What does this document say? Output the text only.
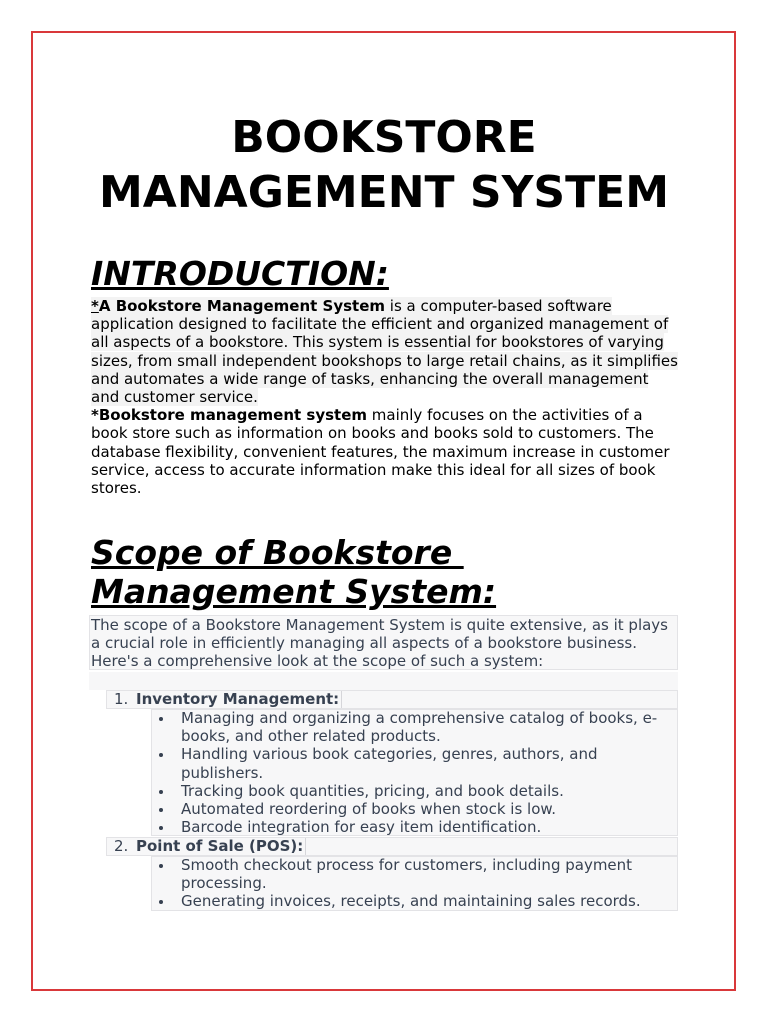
BOOKSTORE
MANAGEMENT SYSTEM
INTRODUCTION:

*A Bookstore Management System is a computer-based software application designed to facilitate the efficient and organized management of all aspects of a bookstore. This system is essential for bookstores of varying sizes, from small independent bookshops to large retail chains, as it simplifies and automates a wide range of tasks, enhancing the overall management and customer service.
*Bookstore management system mainly focuses on the activities of a book store such as information on books and books sold to customers. The database flexibility, convenient features, the maximum increase in customer service, access to accurate information make this ideal for all sizes of book stores.

Scope of Bookstore
Management System:

The scope of a Bookstore Management System is quite extensive, as it plays a crucial role in efficiently managing all aspects of a bookstore business. Here's a comprehensive look at the scope of such a system:

1. Inventory Management:
Managing and organizing a comprehensive catalog of books, e-books, and other related products.
Handling various book categories, genres, authors, and publishers.
Tracking book quantities, pricing, and book details.
Automated reordering of books when stock is low.
Barcode integration for easy item identification.
2. Point of Sale (POS):
Smooth checkout process for customers, including payment processing.
Generating invoices, receipts, and maintaining sales records.
